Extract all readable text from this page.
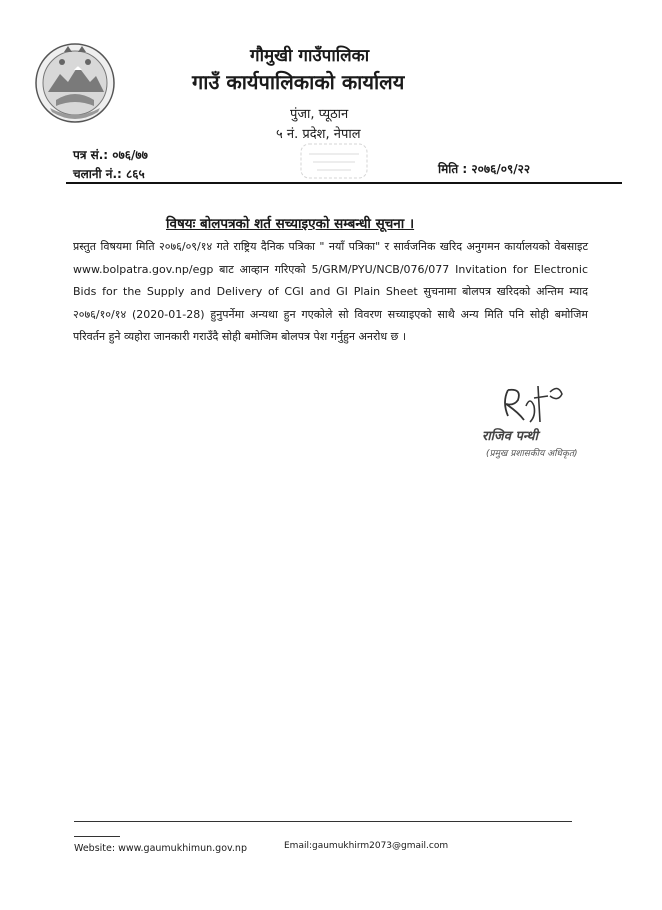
गौमुखी गाउँपालिका
गाउँ कार्यपालिकाको कार्यालय
पुंजा, प्यूठान
५ नं. प्रदेश, नेपाल
पत्र सं.: ०७६/७७
चलानी नं.: ८६५	मिति : २०७६/०९/२२
विषयः बोलपत्रको शर्त सच्याइएको सम्बन्धी सूचना ।
प्रस्तुत विषयमा मिति २०७६/०९/१४ गते राष्ट्रिय दैनिक पत्रिका " नयाँ पत्रिका" र सार्वजनिक खरिद अनुगमन कार्यालयको वेबसाइट www.bolpatra.gov.np/egp बाट आव्हान गरिएको 5/GRM/PYU/NCB/076/077 Invitation for Electronic Bids for the Supply and Delivery of CGI and GI Plain Sheet सुचनामा बोलपत्र खरिदको अन्तिम म्याद २०७६/१०/१४ (2020-01-28) हुनुपर्नेमा अन्यथा हुन गएकोले सो विवरण सच्याइएको साथै अन्य मिति पनि सोही बमोजिम परिवर्तन हुने व्यहोरा जानकारी गराउँदै सोही बमोजिम बोलपत्र पेश गर्नुहुन अनरोध छ ।
राजिव पन्थी
(प्रमुख प्रशासकीय अधिकृत)
Website: www.gaumukhimun.gov.np	Email:gaumukhirm2073@gmail.com
